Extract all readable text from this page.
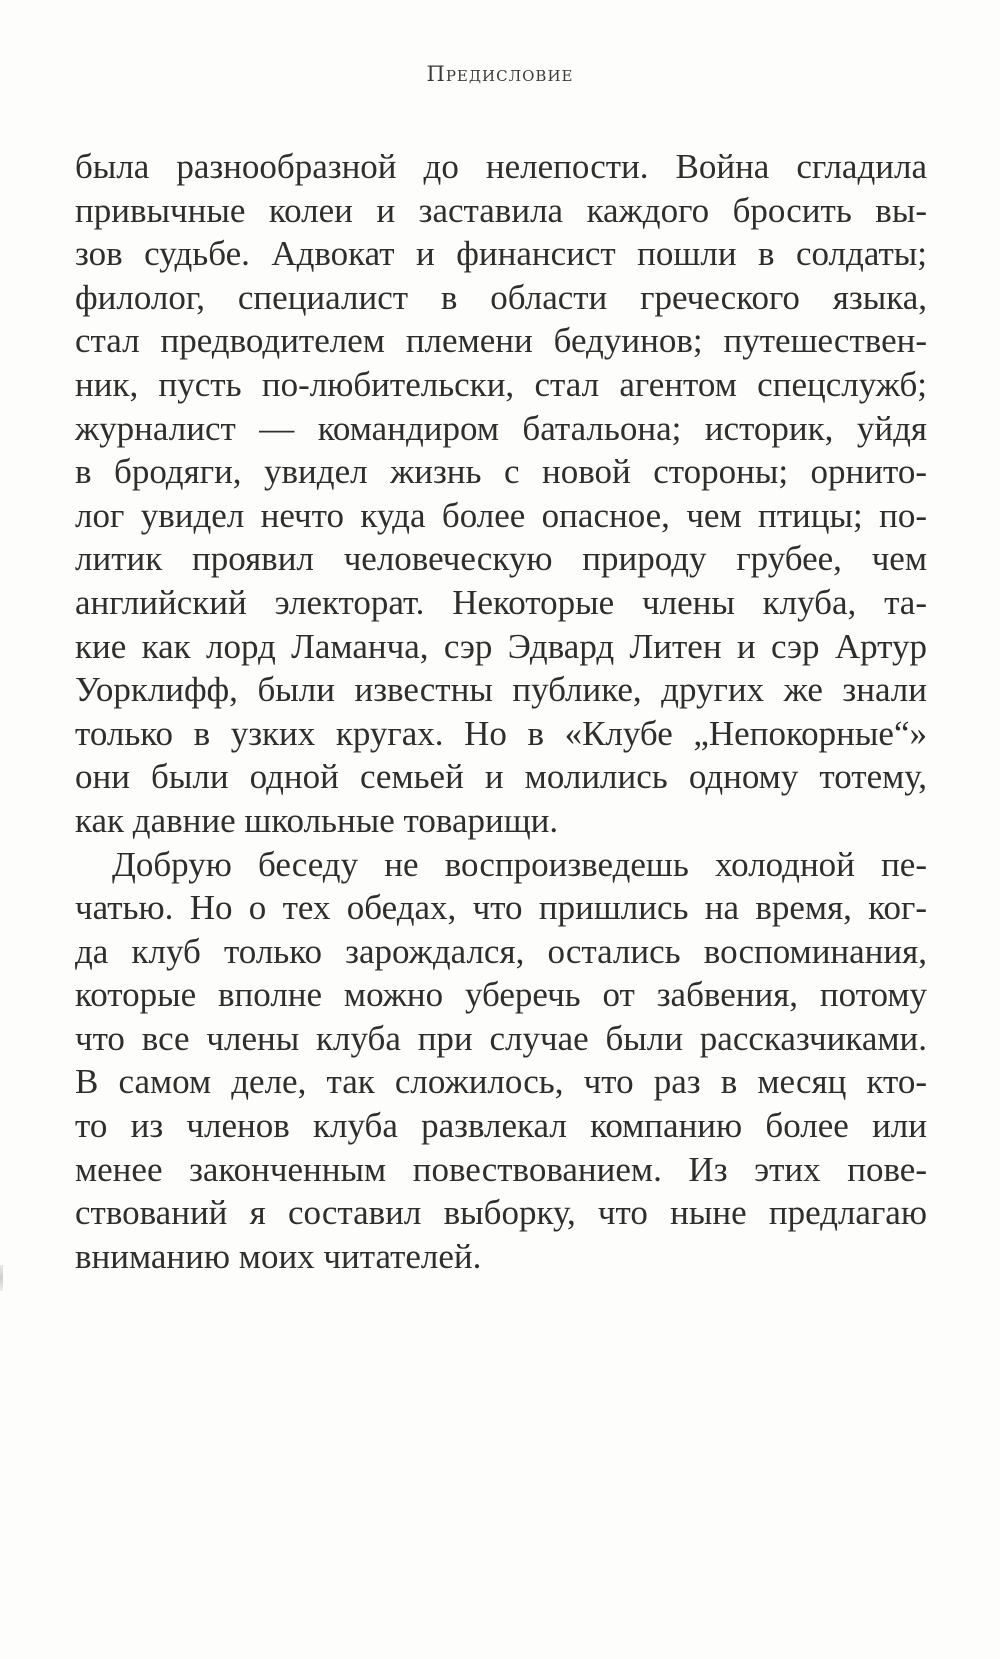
Предисловие
была разнообразной до нелепости. Война сгладила
привычные колеи и заставила каждого бросить вы-
зов судьбе. Адвокат и финансист пошли в солдаты;
филолог, специалист в области греческого языка,
стал предводителем племени бедуинов; путешествен-
ник, пусть по-любительски, стал агентом спецслужб;
журналист — командиром батальона; историк, уйдя
в бродяги, увидел жизнь с новой стороны; орнито-
лог увидел нечто куда более опасное, чем птицы; по-
литик проявил человеческую природу грубее, чем
английский электорат. Некоторые члены клуба, та-
кие как лорд Ламанча, сэр Эдвард Литен и сэр Артур
Уорклифф, были известны публике, других же знали
только в узких кругах. Но в «Клубе „Непокорные“»
они были одной семьей и молились одному тотему,
как давние школьные товарищи.
Добрую беседу не воспроизведешь холодной пе-
чатью. Но о тех обедах, что пришлись на время, ког-
да клуб только зарождался, остались воспоминания,
которые вполне можно уберечь от забвения, потому
что все члены клуба при случае были рассказчиками.
В самом деле, так сложилось, что раз в месяц кто-
то из членов клуба развлекал компанию более или
менее законченным повествованием. Из этих пове-
ствований я составил выборку, что ныне предлагаю
вниманию моих читателей.
